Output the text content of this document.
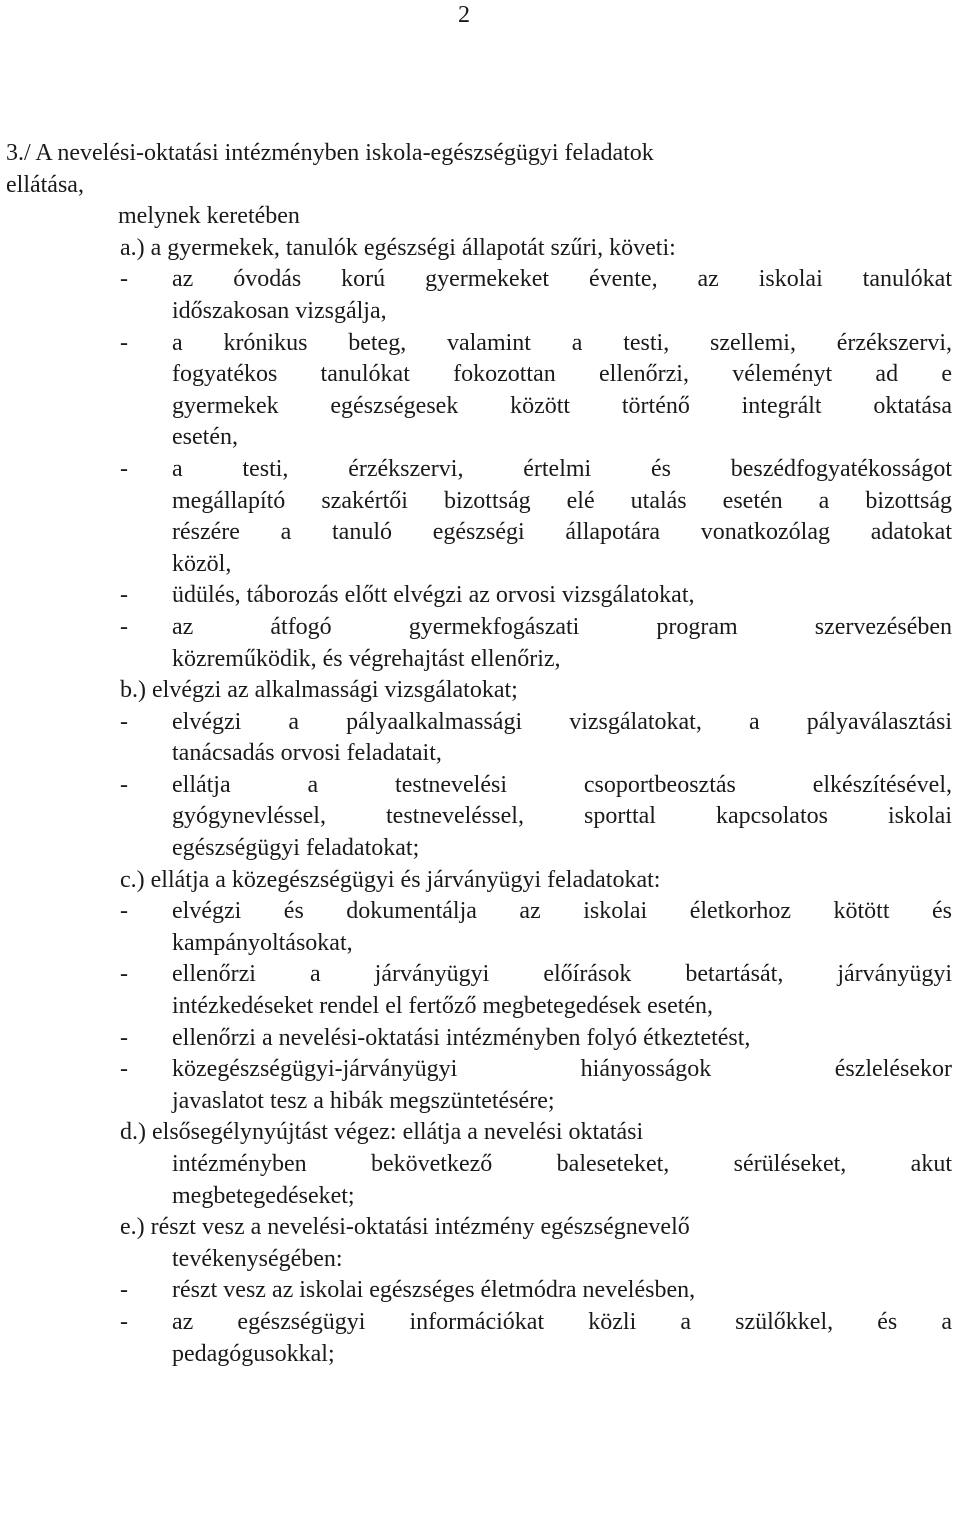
2
3./ A nevelési-oktatási intézményben iskola-egészségügyi feladatok
ellátása,
melynek keretében
a.) a gyermekek, tanulók egészségi állapotát szűri, követi:
-	az óvodás korú gyermekeket évente, az iskolai tanulókat
időszakosan vizsgálja,
-	a krónikus beteg, valamint a testi, szellemi, érzékszervi,
fogyatékos tanulókat fokozottan ellenőrzi, véleményt ad e
gyermekek egészségesek között történő integrált oktatása
esetén,
-	a testi, érzékszervi, értelmi és beszédfogyatékosságot
megállapító szakértői bizottság elé utalás esetén a bizottság
részére a tanuló egészségi állapotára vonatkozólag adatokat
közöl,
-	üdülés, táborozás előtt elvégzi az orvosi vizsgálatokat,
-	az átfogó gyermekfogászati program szervezésében
közreműködik, és végrehajtást ellenőriz,
b.) elvégzi az alkalmassági vizsgálatokat;
-	elvégzi a pályaalkalmassági vizsgálatokat, a pályaválasztási
tanácsadás orvosi feladatait,
-	ellátja a testnevelési csoportbeosztás elkészítésével,
gyógynevléssel, testneveléssel, sporttal kapcsolatos iskolai
egészségügyi feladatokat;
c.) ellátja a közegészségügyi és járványügyi feladatokat:
-	elvégzi és dokumentálja az iskolai életkorhoz kötött és
kampányoltásokat,
-	ellenőrzi a járványügyi előírások betartását, járványügyi
intézkedéseket rendel el fertőző megbetegedések esetén,
-	ellenőrzi a nevelési-oktatási intézményben folyó étkeztetést,
-	közegészségügyi-járványügyi hiányosságok észlelésekor
javaslatot tesz a hibák megszüntetésére;
d.) elsősegélynyújtást végez: ellátja a nevelési oktatási
intézményben bekövetkező baleseteket, sérüléseket, akut
megbetegedéseket;
e.) részt vesz a nevelési-oktatási intézmény egészségnevelő
tevékenységében:
-	részt vesz az iskolai egészséges életmódra nevelésben,
-	az egészségügyi információkat közli a szülőkkel, és a
pedagógusokkal;
